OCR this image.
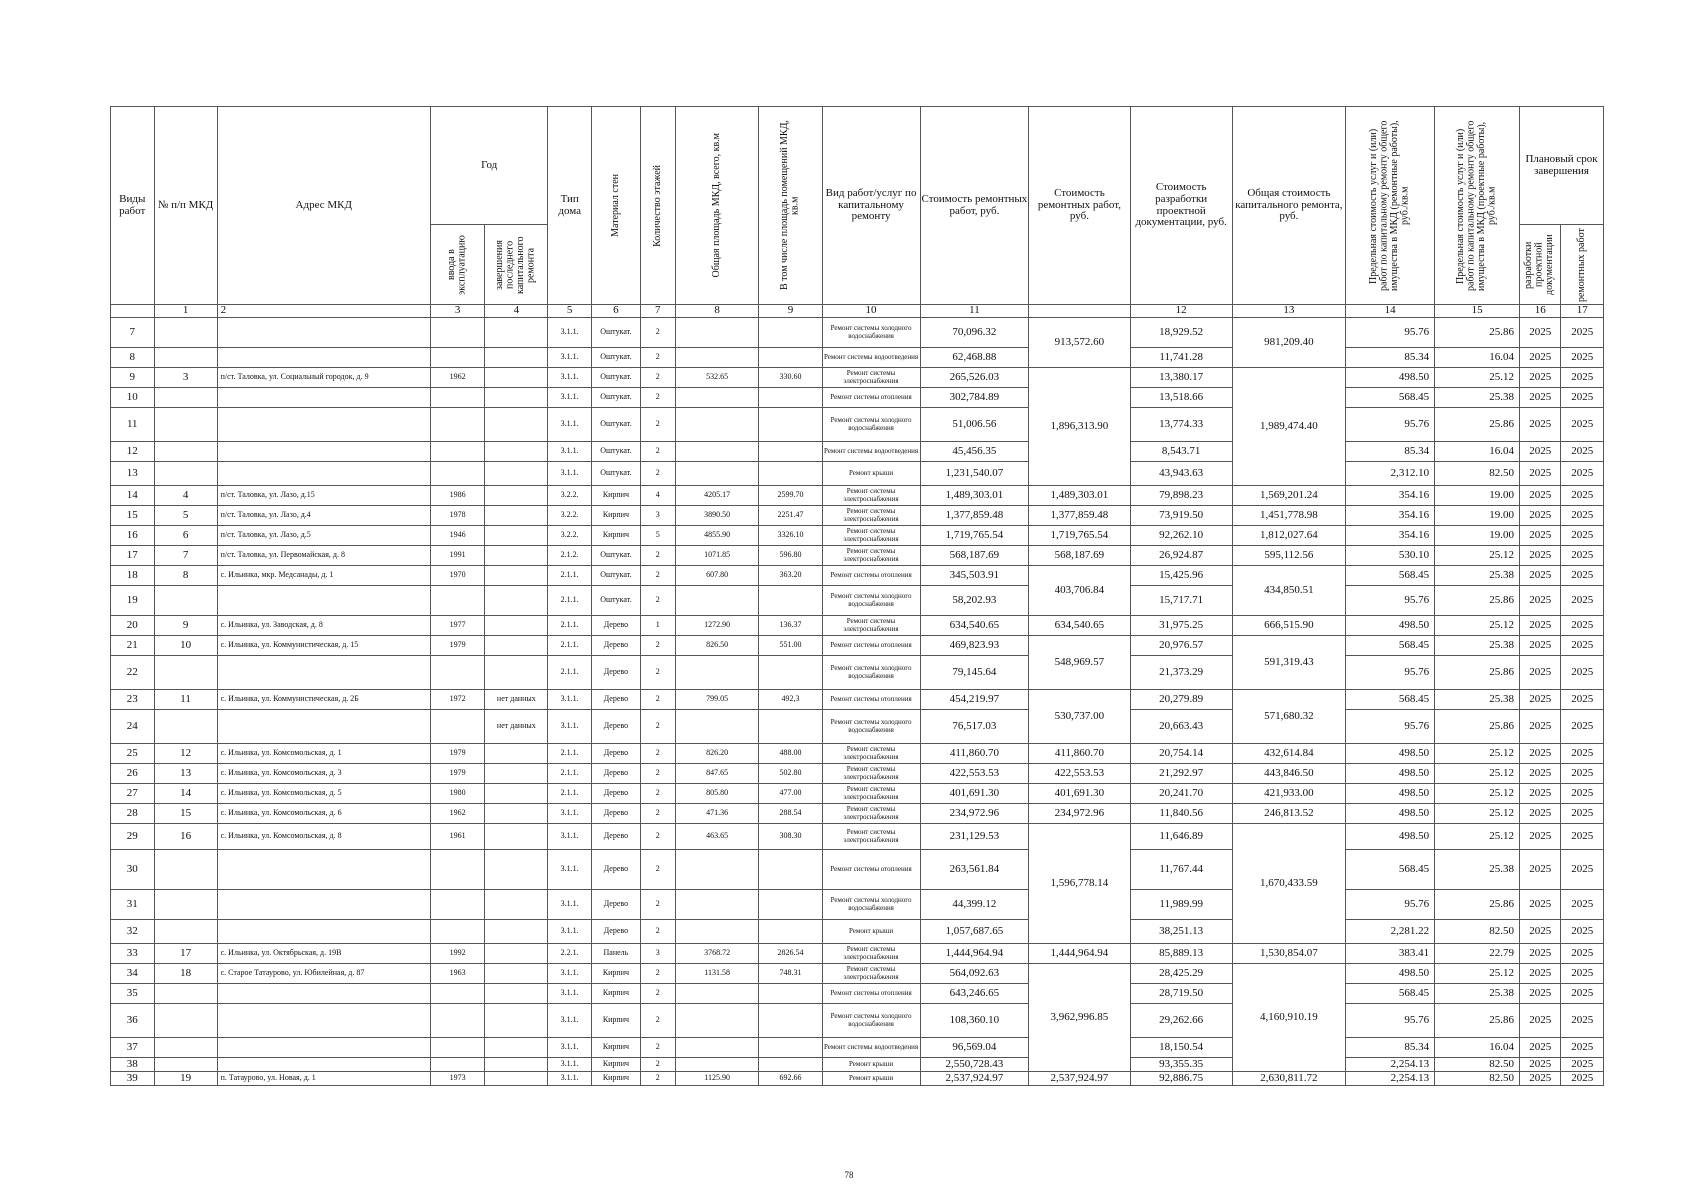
Виды работ	№ п/п МКД	Адрес МКД	Год		Тип дома	Материал стен	Количество этажей	Общая площадь МКД, всего, кв.м	В том числе площадь помещений МКД, кв.м	Вид работ/услуг по капитальному ремонту	Стоимость ремонтных работ, руб.	Стоимость ремонтных работ, руб.	Стоимость разработки проектной документации, руб.	Общая стоимость капитального ремонта, руб.	Предельная стоимость услуг и (или) работ по капитальному ремонту общего имущества в МКД (ремонтные работы), руб./кв.м	Предельная стоимость услуг и (или) работ по капитальному ремонту общего имущества в МКД (проектные работы), руб./кв.м	Плановый срок завершения	

			ввода в эксплуатацию	завершения последнего капитального ремонта													разработки проектной документации	ремонтных работ

	1	2	3	4	5	6	7	8	9	10	11		12	13	14	15	16	17
7					3.1.1.	Оштукат.	2			Ремонт системы холодного водоснабжения	70,096.32	913,572.60	18,929.52	981,209.40	95.76	25.86	2025	2025
8					3.1.1.	Оштукат.	2			Ремонт системы водоотведения	62,468.88		11,741.28		85.34	16.04	2025	2025
9	3	п/ст. Таловка, ул. Социальный городок, д. 9	1962		3.1.1.	Оштукат.	2	532.65	330.60	Ремонт системы электроснабжения	265,526.03	1,896,313.90	13,380.17	1,989,474.40	498.50	25.12	2025	2025
10					3.1.1.	Оштукат.	2			Ремонт системы отопления	302,784.89		13,518.66		568.45	25.38	2025	2025
11					3.1.1.	Оштукат.	2			Ремонт системы холодного водоснабжения	51,006.56		13,774.33		95.76	25.86	2025	2025
12					3.1.1.	Оштукат.	2			Ремонт системы водоотведения	45,456.35		8,543.71		85.34	16.04	2025	2025
13					3.1.1.	Оштукат.	2			Ремонт крыши	1,231,540.07		43,943.63		2,312.10	82.50	2025	2025
14	4	п/ст. Таловка, ул. Лазо, д.15	1986		3.2.2.	Кирпич	4	4205.17	2599.70	Ремонт системы электроснабжения	1,489,303.01	1,489,303.01	79,898.23	1,569,201.24	354.16	19.00	2025	2025
15	5	п/ст. Таловка, ул. Лазо, д.4	1978		3.2.2.	Кирпич	3	3890.50	2251.47	Ремонт системы электроснабжения	1,377,859.48	1,377,859.48	73,919.50	1,451,778.98	354.16	19.00	2025	2025
16	6	п/ст. Таловка, ул. Лазо, д.5	1946		3.2.2.	Кирпич	5	4855.90	3326.10	Ремонт системы электроснабжения	1,719,765.54	1,719,765.54	92,262.10	1,812,027.64	354.16	19.00	2025	2025
17	7	п/ст. Таловка, ул. Первомайская, д. 8	1991		2.1.2.	Оштукат.	2	1071.85	596.80	Ремонт системы электроснабжения	568,187.69	568,187.69	26,924.87	595,112.56	530.10	25.12	2025	2025
18	8	с. Ильинка, мкр. Медсанады, д. 1	1970		2.1.1.	Оштукат.	2	607.80	363.20	Ремонт системы отопления	345,503.91	403,706.84	15,425.96	434,850.51	568.45	25.38	2025	2025
19					2.1.1.	Оштукат.	2			Ремонт системы холодного водоснабжения	58,202.93		15,717.71		95.76	25.86	2025	2025
20	9	с. Ильинка, ул. Заводская, д. 8	1977		2.1.1.	Дерево	1	1272.90	136.37	Ремонт системы электроснабжения	634,540.65	634,540.65	31,975.25	666,515.90	498.50	25.12	2025	2025
21	10	с. Ильинка, ул. Коммунистическая, д. 15	1979		2.1.1.	Дерево	2	826.50	551.00	Ремонт системы отопления	469,823.93	548,969.57	20,976.57	591,319.43	568.45	25.38	2025	2025
22					2.1.1.	Дерево	2			Ремонт системы холодного водоснабжения	79,145.64		21,373.29		95.76	25.86	2025	2025
23	11	с. Ильинка, ул. Коммунистическая, д. 2Б	1972	нет данных	3.1.1.	Дерево	2	799.05	492,3	Ремонт системы отопления	454,219.97	530,737.00	20,279.89	571,680.32	568.45	25.38	2025	2025
24				нет данных	3.1.1.	Дерево	2			Ремонт системы холодного водоснабжения	76,517.03		20,663.43		95.76	25.86	2025	2025
25	12	с. Ильинка, ул. Комсомольская, д. 1	1979		2.1.1.	Дерево	2	826.20	488.00	Ремонт системы электроснабжения	411,860.70	411,860.70	20,754.14	432,614.84	498.50	25.12	2025	2025
26	13	с. Ильинка, ул. Комсомольская, д. 3	1979		2.1.1.	Дерево	2	847.65	502.80	Ремонт системы электроснабжения	422,553.53	422,553.53	21,292.97	443,846.50	498.50	25.12	2025	2025
27	14	с. Ильинка, ул. Комсомольская, д. 5	1980		2.1.1.	Дерево	2	805.80	477.00	Ремонт системы электроснабжения	401,691.30	401,691.30	20,241.70	421,933.00	498.50	25.12	2025	2025
28	15	с. Ильинка, ул. Комсомольская, д. 6	1962		3.1.1.	Дерево	2	471.36	288.54	Ремонт системы электроснабжения	234,972.96	234,972.96	11,840.56	246,813.52	498.50	25.12	2025	2025
29	16	с. Ильинка, ул. Комсомольская, д. 8	1961		3.1.1.	Дерево	2	463.65	308.30	Ремонт системы электроснабжения	231,129.53	1,596,778.14	11,646.89	1,670,433.59	498.50	25.12	2025	2025
30					3.1.1.	Дерево	2			Ремонт системы отопления	263,561.84		11,767.44		568.45	25.38	2025	2025
31					3.1.1.	Дерево	2			Ремонт системы холодного водоснабжения	44,399.12		11,989.99		95.76	25.86	2025	2025
32					3.1.1.	Дерево	2			Ремонт крыши	1,057,687.65		38,251.13		2,281.22	82.50	2025	2025
33	17	с. Ильинка, ул. Октябрьская, д. 19В	1992		2.2.1.	Панель	3	3768.72	2826.54	Ремонт системы электроснабжения	1,444,964.94	1,444,964.94	85,889.13	1,530,854.07	383.41	22.79	2025	2025
34	18	с. Старое Татаурово, ул. Юбилейная, д. 87	1963		3.1.1.	Кирпич	2	1131.58	748.31	Ремонт системы электроснабжения	564,092.63	3,962,996.85	28,425.29	4,160,910.19	498.50	25.12	2025	2025
35					3.1.1.	Кирпич	2			Ремонт системы отопления	643,246.65		28,719.50		568.45	25.38	2025	2025
36					3.1.1.	Кирпич	2			Ремонт системы холодного водоснабжения	108,360.10		29,262.66		95.76	25.86	2025	2025
37					3.1.1.	Кирпич	2			Ремонт системы водоотведения	96,569.04		18,150.54		85.34	16.04	2025	2025
38					3.1.1.	Кирпич	2			Ремонт крыши	2,550,728.43		93,355.35		2,254.13	82.50	2025	2025
39	19	п. Татаурово, ул. Новая, д. 1	1973		3.1.1.	Кирпич	2	1125.90	692.66	Ремонт крыши	2,537,924.97	2,537,924.97	92,886.75	2,630,811.72	2,254.13	82.50	2025	2025
78
